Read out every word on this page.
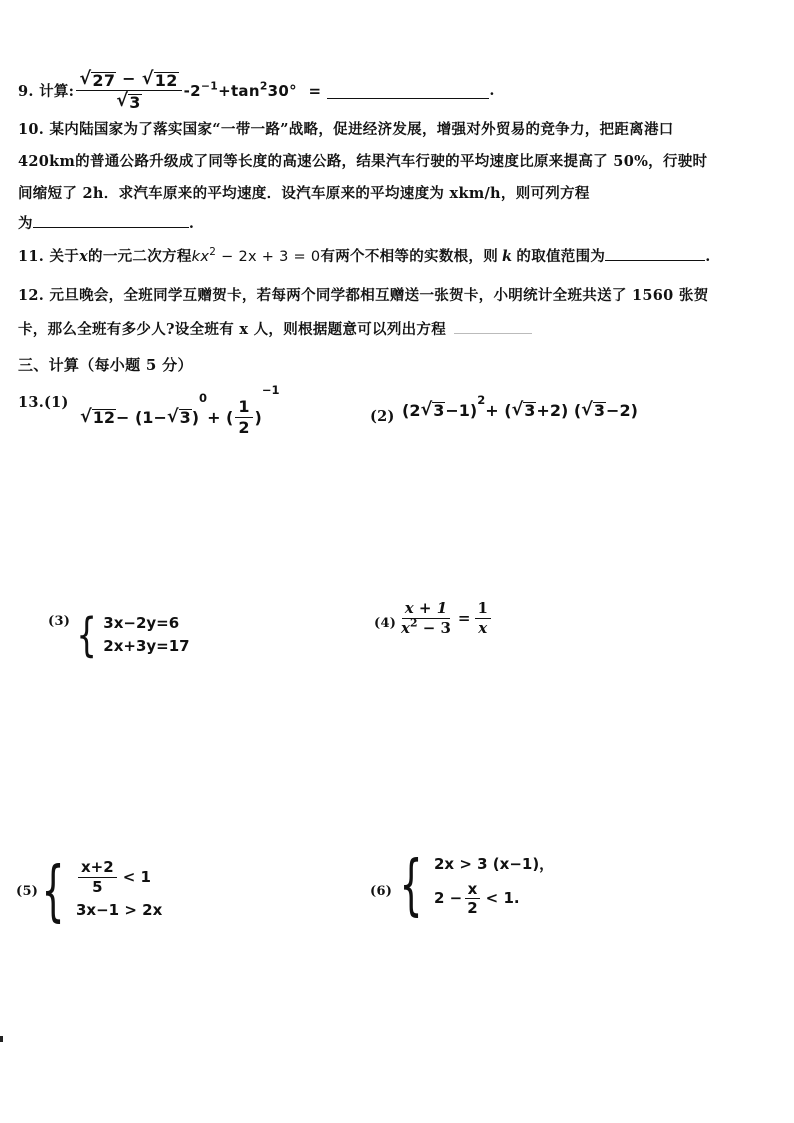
9. 计算: $\frac{√ 27 - √ 12}{√ 3} -2^{-1}+\tan^230^\circ$ =	.
10. 某内陆国家为了落实国家“一带一路”战略，促进经济发展，增强对外贸易的竞争力，把距离港口
420km的普通公路升级成了同等长度的高速公路，结果汽车行驶的平均速度比原来提高了 50%，行驶时
间缩短了 2h．求汽车原来的平均速度．设汽车原来的平均速度为 xkm/h，则可列方程
为	.
11. 关于x的一元二次方程$kx^2 - 2x + 3 = 0$有两个不相等的实数根，则 k 的取值范围为	.
12. 元旦晚会，全班同学互赠贺卡，若每两个同学都相互赠送一张贺卡，小明统计全班共送了 1560 张贺
卡，那么全班有多少人?设全班有 x 人，则根据题意可以列出方程
三、计算（每小题 5 分）
13. (1)
√ 12 − (1− √ 3 )
0
+ ( $\frac{1}{2}$ )
−1
(2) (2 √ 3 −1)
2
+ ( √ 3 +2) ( √ 3 −2)
(3) { 3x−2y=6
2x+3y=17
$(4) \frac{x + 1}{x^2 - 3} = \frac{1}{x}$
(5) { $\frac{x+2}{5} < 1$
3x−1 > 2x
(6) { 2x > 3 (x−1)，
$2 - \frac{x}{2} < 1$.
